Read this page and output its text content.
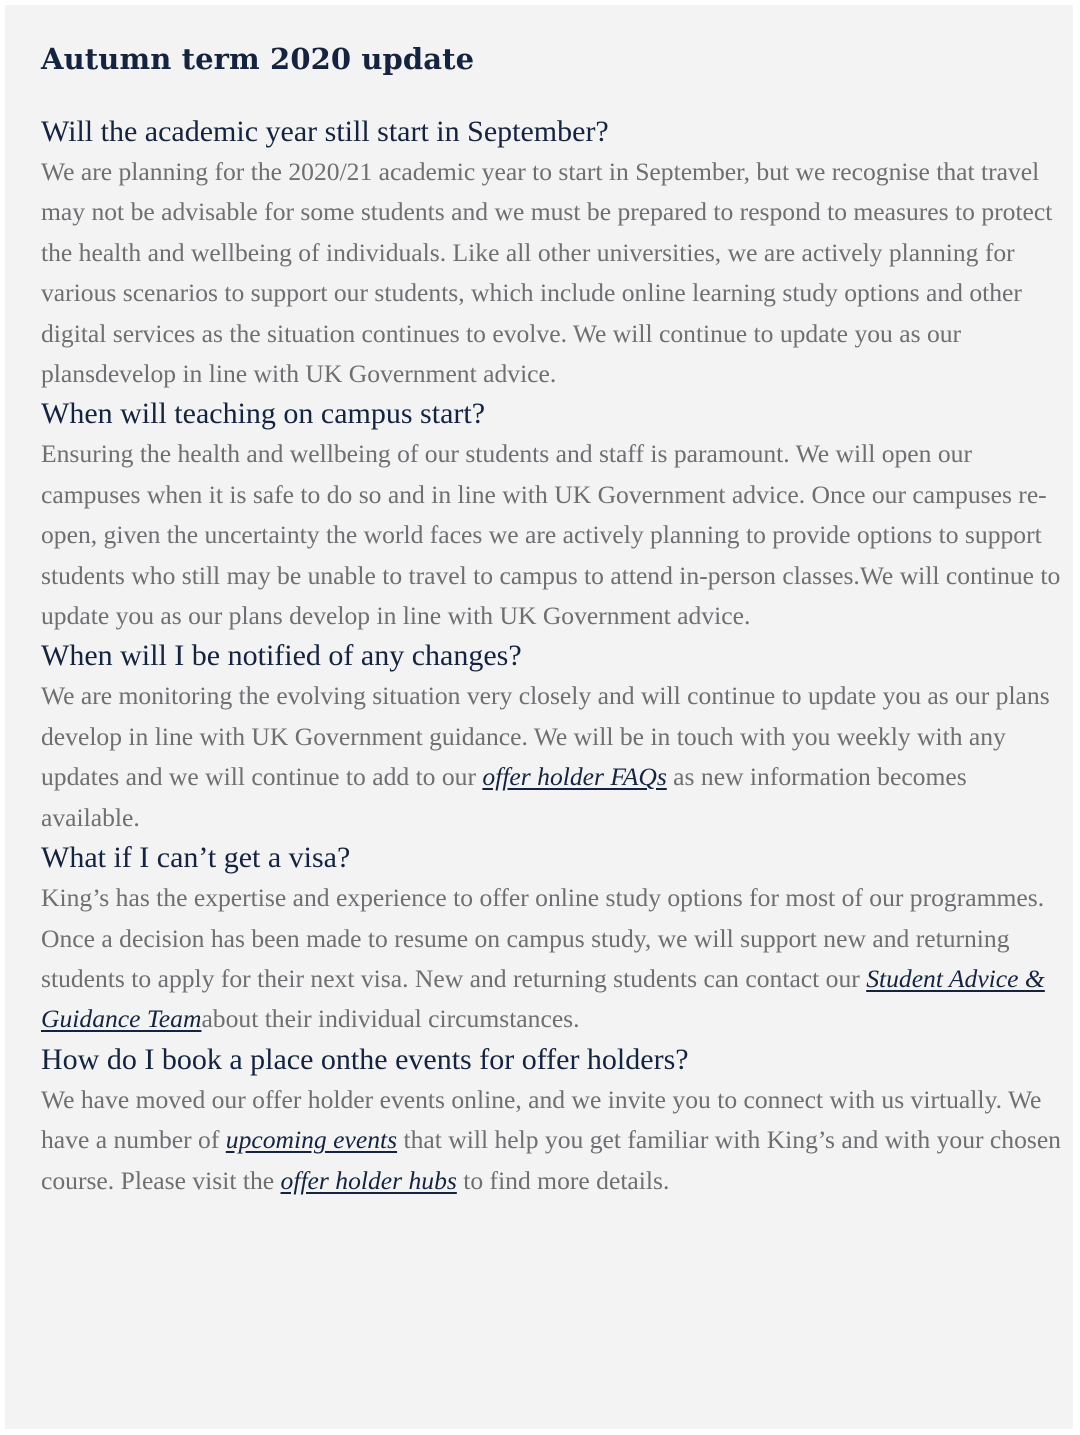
Autumn term 2020 update
Will the academic year still start in September?

We are planning for the 2020/21 academic year to start in September, but we recognise that travel may not be advisable for some students and we must be prepared to respond to measures to protect the health and wellbeing of individuals. Like all other universities, we are actively planning for various scenarios to support our students, which include online learning study options and other digital services as the situation continues to evolve. We will continue to update you as our plansdevelop in line with UK Government advice.

When will teaching on campus start?

Ensuring the health and wellbeing of our students and staff is paramount. We will open our campuses when it is safe to do so and in line with UK Government advice. Once our campuses re-open, given the uncertainty the world faces we are actively planning to provide options to support students who still may be unable to travel to campus to attend in-person classes.We will continue to update you as our plans develop in line with UK Government advice.

When will I be notified of any changes?

We are monitoring the evolving situation very closely and will continue to update you as our plans develop in line with UK Government guidance. We will be in touch with you weekly with any updates and we will continue to add to our offer holder FAQs as new information becomes available.

What if I can’t get a visa?

King’s has the expertise and experience to offer online study options for most of our programmes. Once a decision has been made to resume on campus study, we will support new and returning students to apply for their next visa. New and returning students can contact our Student Advice & Guidance Teamabout their individual circumstances.

How do I book a place onthe events for offer holders?

We have moved our offer holder events online, and we invite you to connect with us virtually. We have a number of upcoming events that will help you get familiar with King’s and with your chosen course. Please visit the offer holder hubs to find more details.
